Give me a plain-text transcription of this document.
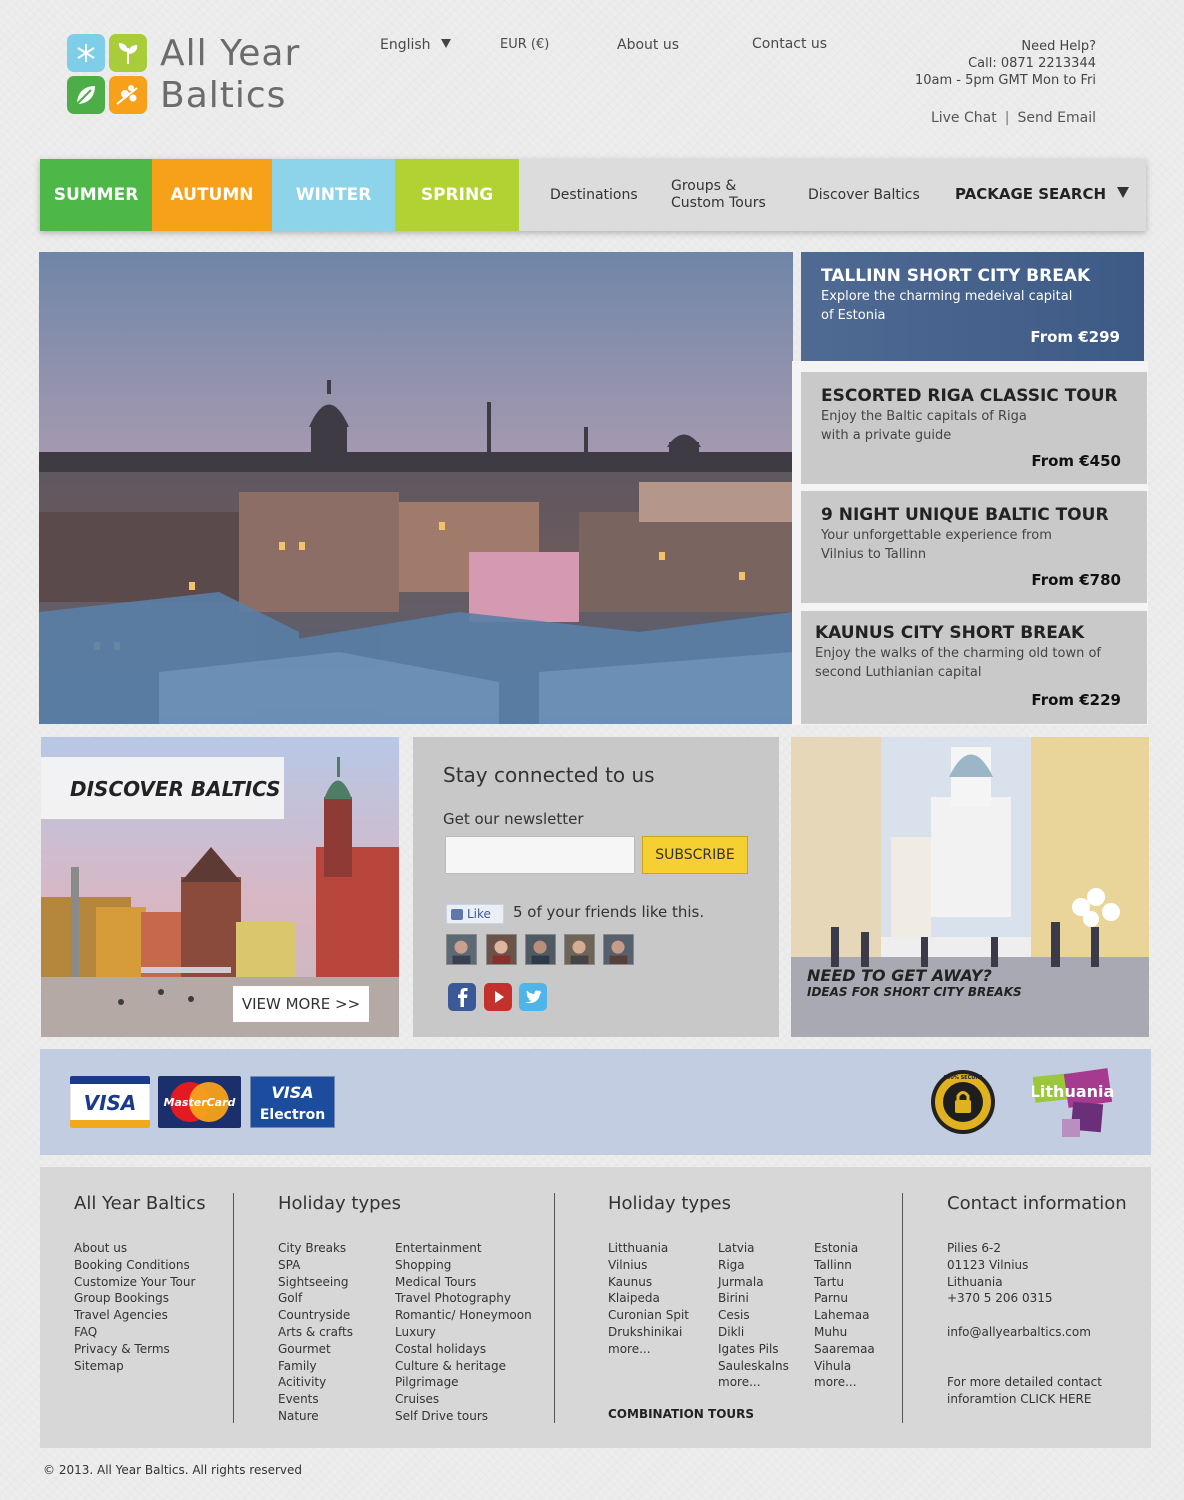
All Year
Baltics
English	EUR (€)	About us	Contact us	Need Help?
Call: 0871 2213344
10am - 5pm GMT Mon to Fri
Live Chat | Send Email
SUMMER	AUTUMN	WINTER	SPRING	Destinations
Groups &
Custom Tours	Discover Baltics PACKAGE SEARCH
TALLINN SHORT CITY BREAK
Explore the charming medeival capital
of Estonia
From €299
ESCORTED RIGA CLASSIC TOUR
Enjoy the Baltic capitals of Riga
with a private guide
From €450
9 NIGHT UNIQUE BALTIC TOUR
Your unforgettable experience from
Vilnius to Tallinn
From €780
KAUNUS CITY SHORT BREAK
Enjoy the walks of the charming old town of
second Luthianian capital
From €229
DISCOVER BALTICS
VIEW MORE >>
Stay connected to us
Get our newsletter
SUBSCRIBE
Like 5 of your friends like this.
NEED TO GET AWAY?
IDEAS FOR SHORT CITY BREAKS
VISA MasterCard
VISA
Electron
100% SECURE
Lithuania
All Year Baltics
About us
Booking Conditions
Customize Your Tour
Group Bookings
Travel Agencies
FAQ
Privacy & Terms
Sitemap
Holiday types
City Breaks
SPA
Sightseeing
Golf
Countryside
Arts & crafts
Gourmet
Family
Acitivity
Events
Nature
Entertainment
Shopping
Medical Tours
Travel Photography
Romantic/ Honeymoon
Luxury
Costal holidays
Culture & heritage
Pilgrimage
Cruises
Self Drive tours
Holiday types
Litthuania
Vilnius
Kaunus
Klaipeda
Curonian Spit
Drukshinikai
more...
Latvia
Riga
Jurmala
Birini
Cesis
Dikli
Igates Pils
Sauleskalns
more...
Estonia
Tallinn
Tartu
Parnu
Lahemaa
Muhu
Saaremaa
Vihula
more...
COMBINATION TOURS
Contact information
Pilies 6-2
01123 Vilnius
Lithuania
+370 5 206 0315
info@allyearbaltics.com
For more detailed contact
inforamtion CLICK HERE
© 2013. All Year Baltics. All rights reserved
